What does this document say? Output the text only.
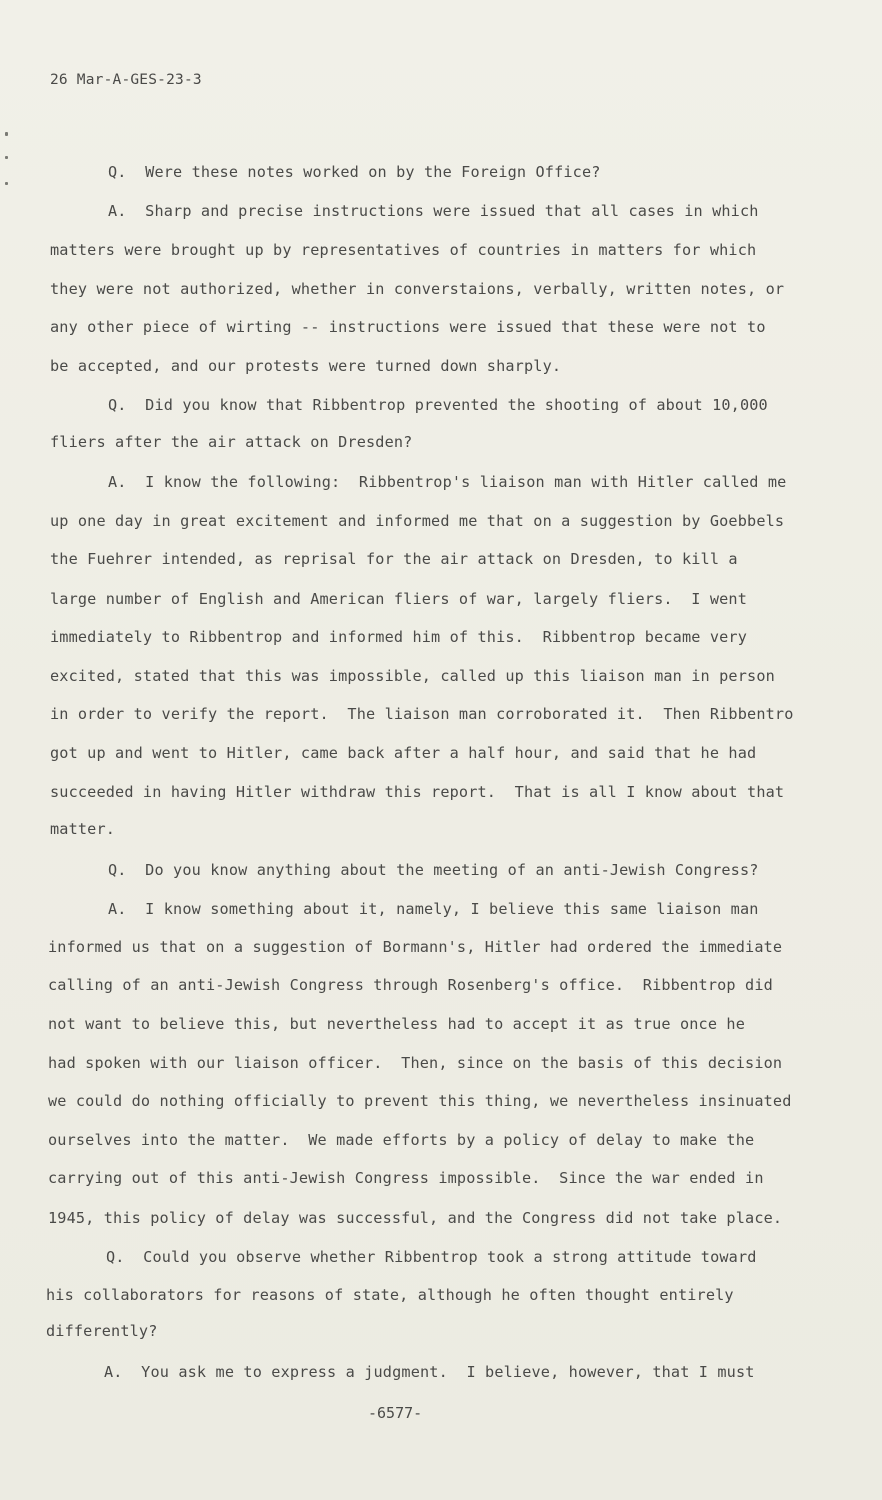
26 Mar-A-GES-23-3
Q.  Were these notes worked on by the Foreign Office?
A.  Sharp and precise instructions were issued that all cases in which
matters were brought up by representatives of countries in matters for which
they were not authorized, whether in converstaions, verbally, written notes, or
any other piece of wirting -- instructions were issued that these were not to
be accepted, and our protests were turned down sharply.
Q.  Did you know that Ribbentrop prevented the shooting of about 10,000
fliers after the air attack on Dresden?
A.  I know the following:  Ribbentrop's liaison man with Hitler called me
up one day in great excitement and informed me that on a suggestion by Goebbels
the Fuehrer intended, as reprisal for the air attack on Dresden, to kill a
large number of English and American fliers of war, largely fliers.  I went
immediately to Ribbentrop and informed him of this.  Ribbentrop became very
excited, stated that this was impossible, called up this liaison man in person
in order to verify the report.  The liaison man corroborated it.  Then Ribbentro
got up and went to Hitler, came back after a half hour, and said that he had
succeeded in having Hitler withdraw this report.  That is all I know about that
matter.
Q.  Do you know anything about the meeting of an anti-Jewish Congress?
A.  I know something about it, namely, I believe this same liaison man
informed us that on a suggestion of Bormann's, Hitler had ordered the immediate
calling of an anti-Jewish Congress through Rosenberg's office.  Ribbentrop did
not want to believe this, but nevertheless had to accept it as true once he
had spoken with our liaison officer.  Then, since on the basis of this decision
we could do nothing officially to prevent this thing, we nevertheless insinuated
ourselves into the matter.  We made efforts by a policy of delay to make the
carrying out of this anti-Jewish Congress impossible.  Since the war ended in
1945, this policy of delay was successful, and the Congress did not take place.
Q.  Could you observe whether Ribbentrop took a strong attitude toward
his collaborators for reasons of state, although he often thought entirely
differently?
A.  You ask me to express a judgment.  I believe, however, that I must
-6577-
